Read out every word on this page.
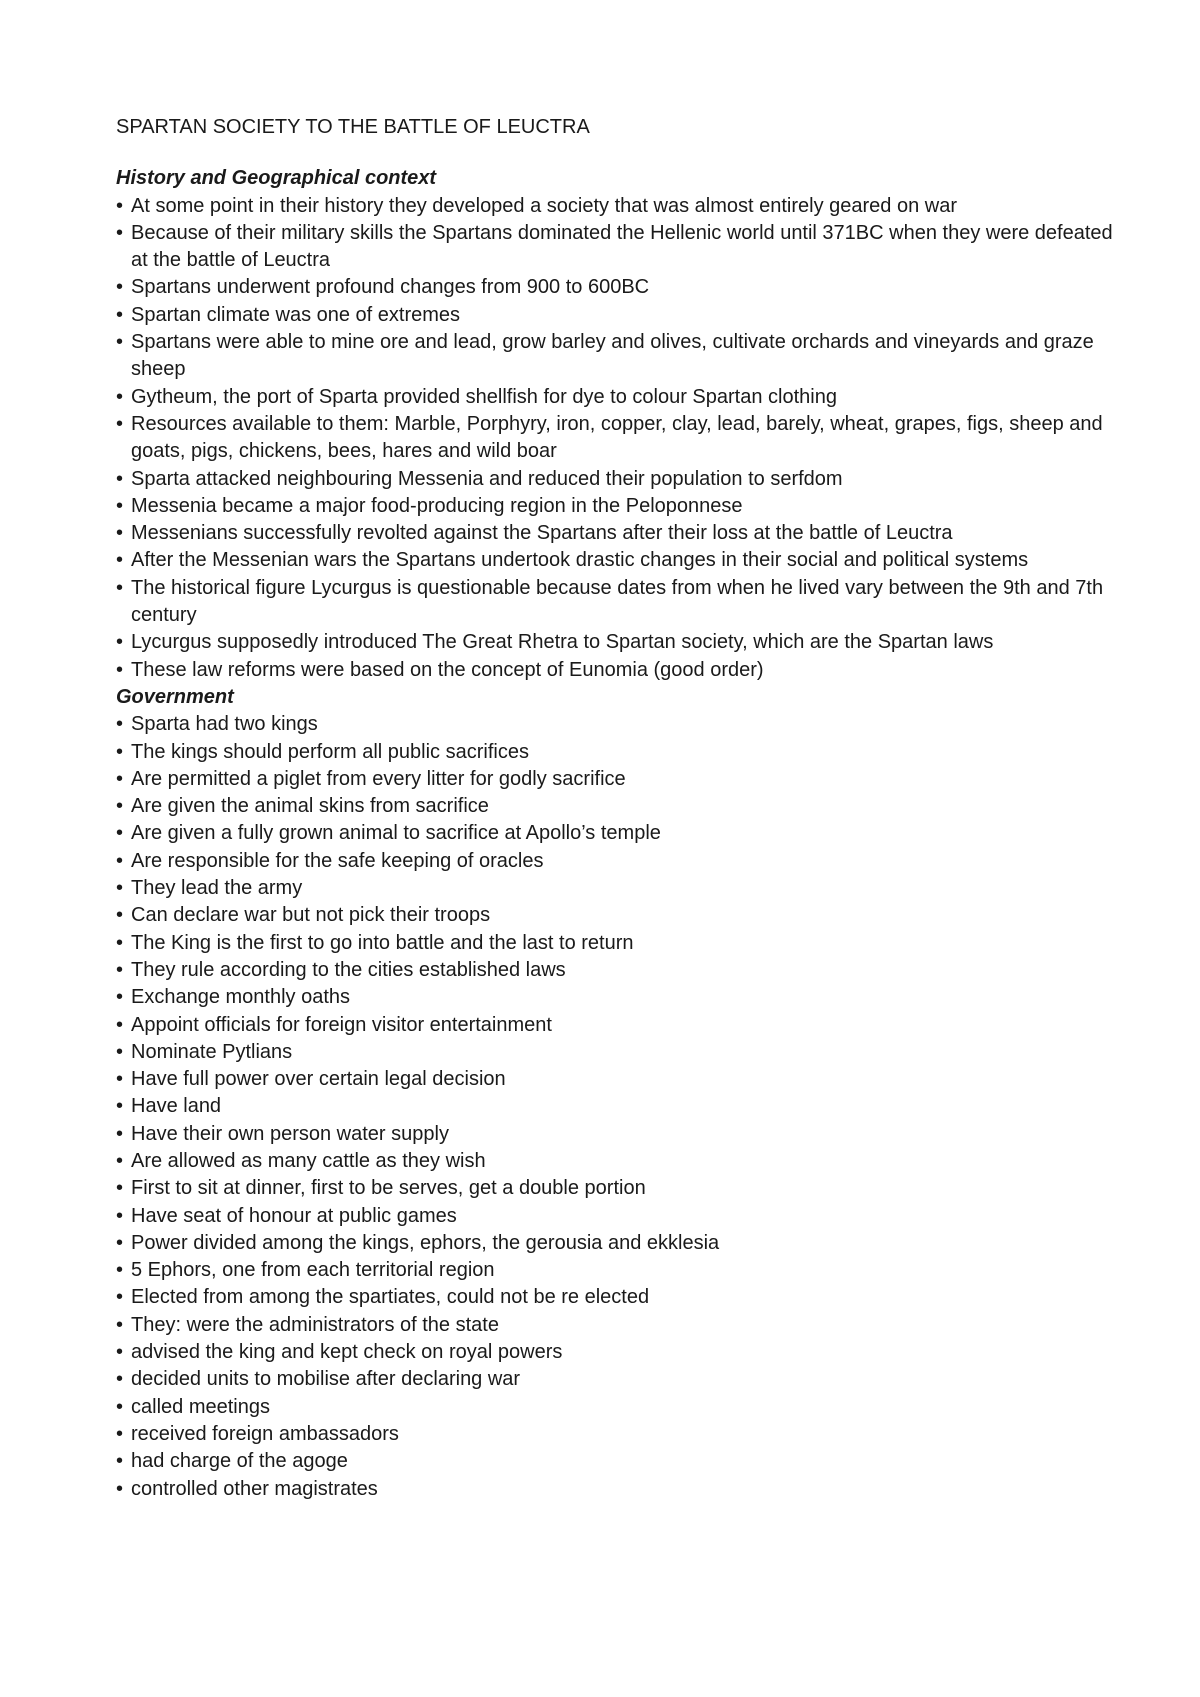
SPARTAN SOCIETY TO THE BATTLE OF LEUCTRA
History and Geographical context
• At some point in their history they developed a society that was almost entirely geared on war
• Because of their military skills the Spartans dominated the Hellenic world until 371BC when they were defeated at the battle of Leuctra
• Spartans underwent profound changes from 900 to 600BC
• Spartan climate was one of extremes
• Spartans were able to mine ore and lead, grow barley and olives, cultivate orchards and vineyards and graze sheep
• Gytheum, the port of Sparta provided shellfish for dye to colour Spartan clothing
• Resources available to them: Marble, Porphyry, iron, copper, clay, lead, barely, wheat, grapes, figs, sheep and goats, pigs, chickens, bees, hares and wild boar
• Sparta attacked neighbouring Messenia and reduced their population to serfdom
• Messenia became a major food-producing region in the Peloponnese
• Messenians successfully revolted against the Spartans after their loss at the battle of Leuctra
• After the Messenian wars the Spartans undertook drastic changes in their social and political systems
• The historical figure Lycurgus is questionable because dates from when he lived vary between the 9th and 7th century
• Lycurgus supposedly introduced The Great Rhetra to Spartan society, which are the Spartan laws
• These law reforms were based on the concept of Eunomia (good order)
Government
• Sparta had two kings
• The kings should perform all public sacrifices
• Are permitted a piglet from every litter for godly sacrifice
• Are given the animal skins from sacrifice
• Are given a fully grown animal to sacrifice at Apollo’s temple
• Are responsible for the safe keeping of oracles
• They lead the army
• Can declare war but not pick their troops
• The King is the first to go into battle and the last to return
• They rule according to the cities established laws
• Exchange monthly oaths
• Appoint officials for foreign visitor entertainment
• Nominate Pytlians
• Have full power over certain legal decision
• Have land
• Have their own person water supply
• Are allowed as many cattle as they wish
• First to sit at dinner, first to be serves, get a double portion
• Have seat of honour at public games
• Power divided among the kings, ephors, the gerousia and ekklesia
• 5 Ephors, one from each territorial region
• Elected from among the spartiates, could not be re elected
• They: were the administrators of the state
• advised the king and kept check on royal powers
• decided units to mobilise after declaring war
• called meetings
• received foreign ambassadors
• had charge of the agoge
• controlled other magistrates
